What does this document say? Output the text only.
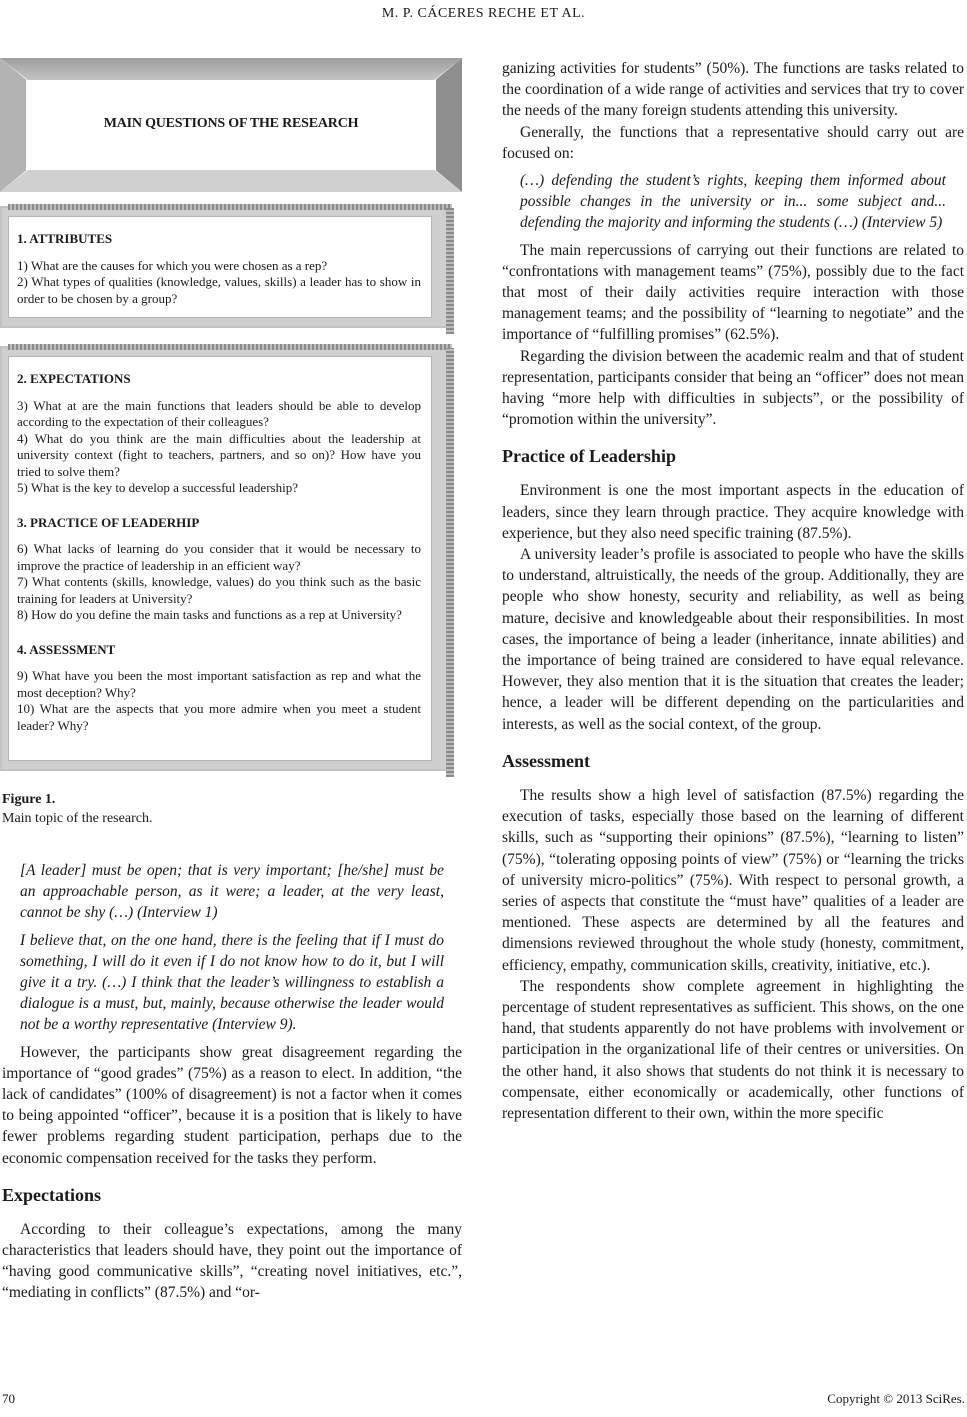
M. P. CÁCERES RECHE ET AL.
MAIN QUESTIONS OF THE RESEARCH
1. ATTRIBUTES

1) What are the causes for which you were chosen as a rep?

2) What types of qualities (knowledge, values, skills) a leader has to show in order to be chosen by a group?

2. EXPECTATIONS

3) What at are the main functions that leaders should be able to develop according to the expectation of their colleagues?

4) What do you think are the main difficulties about the leadership at university context (fight to teachers, partners, and so on)? How have you tried to solve them?

5) What is the key to develop a successful leadership?

3. PRACTICE OF LEADERHIP

6) What lacks of learning do you consider that it would be necessary to improve the practice of leadership in an efficient way?

7) What contents (skills, knowledge, values) do you think such as the basic training for leaders at University?

8) How do you define the main tasks and functions as a rep at University?

4. ASSESSMENT

9) What have you been the most important satisfaction as rep and what the most deception? Why?

10) What are the aspects that you more admire when you meet a student leader? Why?

Figure 1.
Main topic of the research.

[A leader] must be open; that is very important; [he/she] must be an approachable person, as it were; a leader, at the very least, cannot be shy (…) (Interview 1)

I believe that, on the one hand, there is the feeling that if I must do something, I will do it even if I do not know how to do it, but I will give it a try. (…) I think that the leader’s willingness to establish a dialogue is a must, but, mainly, because otherwise the leader would not be a worthy representative (Interview 9).

However, the participants show great disagreement regarding the importance of “good grades” (75%) as a reason to elect. In addition, “the lack of candidates” (100% of disagreement) is not a factor when it comes to being appointed “officer”, because it is a position that is likely to have fewer problems regarding student participation, perhaps due to the economic compensation received for the tasks they perform.

Expectations

According to their colleague’s expectations, among the many characteristics that leaders should have, they point out the importance of “having good communicative skills”, “creating novel initiatives, etc.”, “mediating in conflicts” (87.5%) and “or-

ganizing activities for students” (50%). The functions are tasks related to the coordination of a wide range of activities and services that try to cover the needs of the many foreign students attending this university.

Generally, the functions that a representative should carry out are focused on:

(…) defending the student’s rights, keeping them informed about possible changes in the university or in... some subject and... defending the majority and informing the students (…) (Interview 5)

The main repercussions of carrying out their functions are related to “confrontations with management teams” (75%), possibly due to the fact that most of their daily activities require interaction with those management teams; and the possibility of “learning to negotiate” and the importance of “fulfilling promises” (62.5%).

Regarding the division between the academic realm and that of student representation, participants consider that being an “officer” does not mean having “more help with difficulties in subjects”, or the possibility of “promotion within the university”.

Practice of Leadership

Environment is one the most important aspects in the education of leaders, since they learn through practice. They acquire knowledge with experience, but they also need specific training (87.5%).

A university leader’s profile is associated to people who have the skills to understand, altruistically, the needs of the group. Additionally, they are people who show honesty, security and reliability, as well as being mature, decisive and knowledgeable about their responsibilities. In most cases, the importance of being a leader (inheritance, innate abilities) and the importance of being trained are considered to have equal relevance. However, they also mention that it is the situation that creates the leader; hence, a leader will be different depending on the particularities and interests, as well as the social context, of the group.

Assessment

The results show a high level of satisfaction (87.5%) regarding the execution of tasks, especially those based on the learning of different skills, such as “supporting their opinions” (87.5%), “learning to listen” (75%), “tolerating opposing points of view” (75%) or “learning the tricks of university micro-politics” (75%). With respect to personal growth, a series of aspects that constitute the “must have” qualities of a leader are mentioned. These aspects are determined by all the features and dimensions reviewed throughout the whole study (honesty, commitment, efficiency, empathy, communication skills, creativity, initiative, etc.).

The respondents show complete agreement in highlighting the percentage of student representatives as sufficient. This shows, on the one hand, that students apparently do not have problems with involvement or participation in the organizational life of their centres or universities. On the other hand, it also shows that students do not think it is necessary to compensate, either economically or academically, other functions of representation different to their own, within the more specific

70	Copyright © 2013 SciRes.
